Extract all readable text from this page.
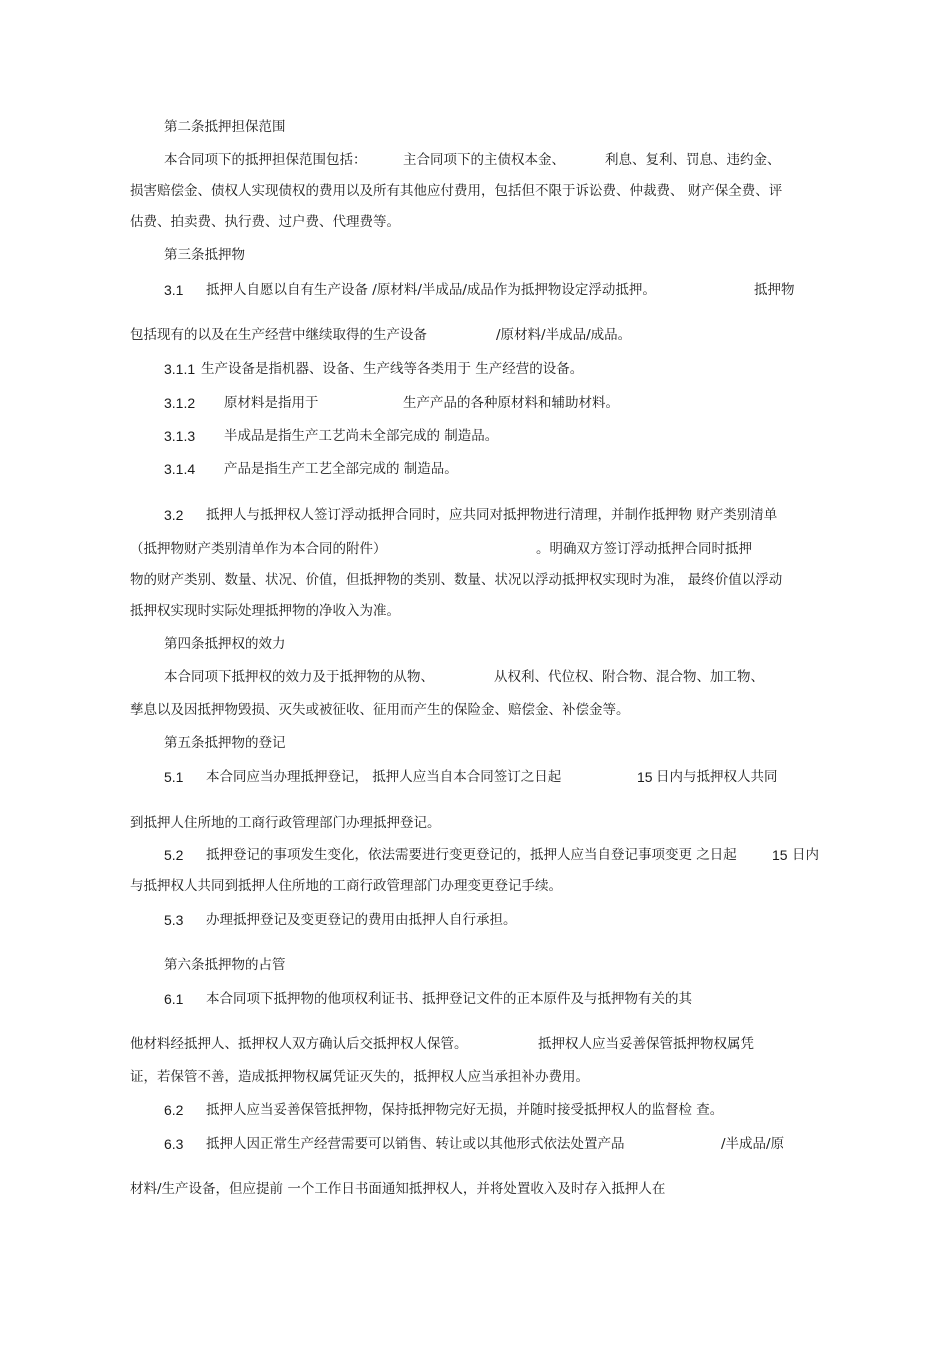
第二条抵押担保范围
本合同项下的抵押担保范围包括：	主合同项下的主债权本金、	利息、复利、罚息、违约金、
损害赔偿金、债权人实现债权的费用以及所有其他应付费用，包括但不限于诉讼费、仲裁费、 财产保全费、评
估费、拍卖费、执行费、过户费、代理费等。
第三条抵押物
3.1 抵押人自愿以自有生产设备 /原材料/半成品/成品作为抵押物设定浮动抵押。	抵押物
包括现有的以及在生产经营中继续取得的生产设备	/原材料/半成品/成品。
3.1.1 生产设备是指机器、设备、生产线等各类用于 生产经营的设备。
3.1.2 原材料是指用于	生产产品的各种原材料和辅助材料。
3.1.3 半成品是指生产工艺尚未全部完成的 制造品。
3.1.4 产品是指生产工艺全部完成的 制造品。
3.2 抵押人与抵押权人签订浮动抵押合同时，应共同对抵押物进行清理，并制作抵押物 财产类别清单
（抵押物财产类别清单作为本合同的附件）	。明确双方签订浮动抵押合同时抵押
物的财产类别、数量、状况、价值，但抵押物的类别、数量、状况以浮动抵押权实现时为准， 最终价值以浮动
抵押权实现时实际处理抵押物的净收入为准。
第四条抵押权的效力
本合同项下抵押权的效力及于抵押物的从物、	从权利、代位权、附合物、混合物、加工物、
孳息以及因抵押物毁损、灭失或被征收、征用而产生的保险金、赔偿金、补偿金等。
第五条抵押物的登记
5.1 本合同应当办理抵押登记， 抵押人应当自本合同签订之日起	15 日内与抵押权人共同
到抵押人住所地的工商行政管理部门办理抵押登记。
5.2 抵押登记的事项发生变化，依法需要进行变更登记的，抵押人应当自登记事项变更 之日起	15 日内
与抵押权人共同到抵押人住所地的工商行政管理部门办理变更登记手续。
5.3 办理抵押登记及变更登记的费用由抵押人自行承担。
第六条抵押物的占管
6.1 本合同项下抵押物的他项权利证书、抵押登记文件的正本原件及与抵押物有关的其
他材料经抵押人、抵押权人双方确认后交抵押权人保管。	抵押权人应当妥善保管抵押物权属凭
证，若保管不善，造成抵押物权属凭证灭失的，抵押权人应当承担补办费用。
6.2 抵押人应当妥善保管抵押物，保持抵押物完好无损，并随时接受抵押权人的监督检 查。
6.3 抵押人因正常生产经营需要可以销售、转让或以其他形式依法处置产品	/半成品/原
材料/生产设备，但应提前 一个工作日书面通知抵押权人，并将处置收入及时存入抵押人在
